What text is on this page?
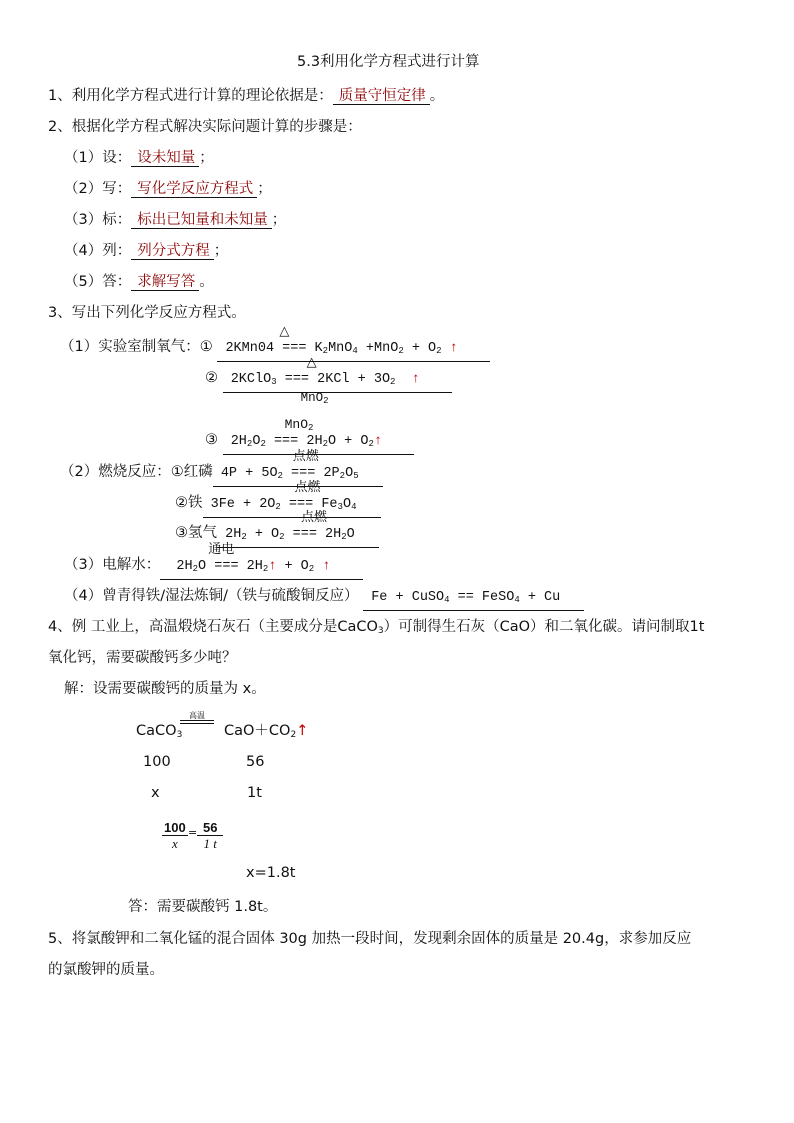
5.3利用化学方程式进行计算
1、利用化学方程式进行计算的理论依据是： 质量守恒定律 。
2、根据化学方程式解决实际问题计算的步骤是：
（1）设： 设未知量 ；
（2）写： 写化学反应方程式 ；
（3）标： 标出已知量和未知量 ；
（4）列： 列分式方程 ；
（5）答： 求解写答 。
3、写出下列化学反应方程式。
（1）实验室制氧气：①
△
2KMn04 === $K_2MnO_4 +MnO_2 + O_2$ ↑
②
△
2KClO$_3$ === $2KCl + 3O_2$ ↑
MnO$_2$
③
MnO$_2$
$2H_2O_2$ === $2H_2O$ + $O_2↑$
（2）燃烧反应：①红磷
点燃
$4P + 5O_2$ === $2P_2O_5$
②铁
点燃
$3Fe + 2O_2$ === $Fe_3O_4$
③氢气
点燃
$2H_2 + O_2$ === $2H_2O$
（3）电解水：
通电
$2H_2O$ === $2H_2↑ + O_2$ ↑
（4）曾青得铁/湿法炼铜/（铁与硫酸铜反应）  Fe + CuSO$_4$ == FeSO$_4$ + Cu
4、例 工业上，高温煅烧石灰石（主要成分是CaCO$_3$）可制得生石灰（CaO）和二氧化碳。请问制取1t
氧化钙，需要碳酸钙多少吨？
解：设需要碳酸钙的质量为 x。
CaCO$_3$
高温
$CaO+CO_2↑$
100	56
x	1t
$\frac{100}{x} = \frac{56}{1 t}$
x=1.8t
答：需要碳酸钙 1.8t。
5、将氯酸钾和二氧化锰的混合固体 30g 加热一段时间，发现剩余固体的质量是 20.4g，求参加反应
的氯酸钾的质量。
